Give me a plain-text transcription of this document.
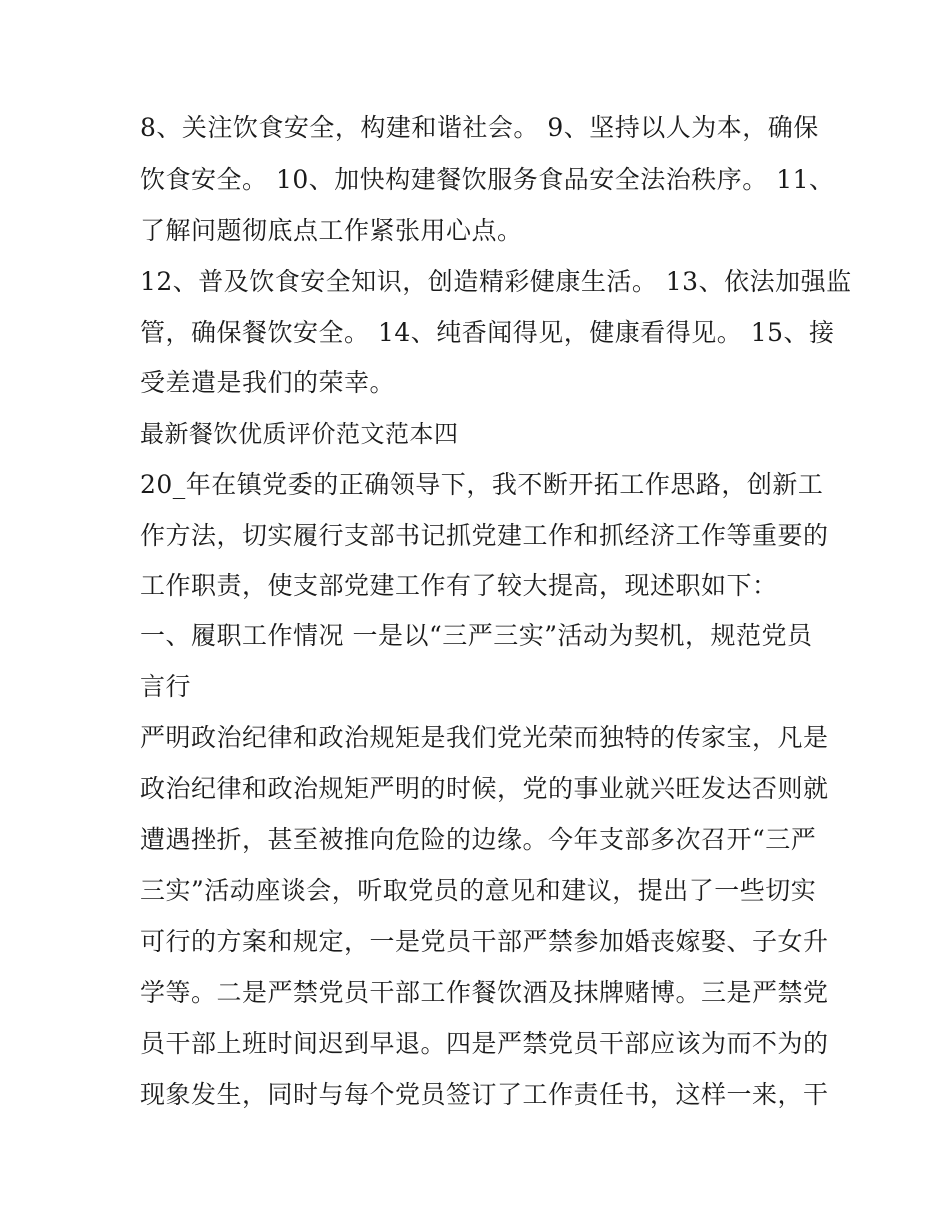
8、关注饮食安全，构建和谐社会。 9、坚持以人为本，确保
饮食安全。 10、加快构建餐饮服务食品安全法治秩序。 11、
了解问题彻底点工作紧张用心点。
12、普及饮食安全知识，创造精彩健康生活。 13、依法加强监
管，确保餐饮安全。 14、纯香闻得见，健康看得见。 15、接
受差遣是我们的荣幸。
最新餐饮优质评价范文范本四
20_年在镇党委的正确领导下，我不断开拓工作思路，创新工
作方法，切实履行支部书记抓党建工作和抓经济工作等重要的
工作职责，使支部党建工作有了较大提高，现述职如下：
一、履职工作情况 一是以“三严三实”活动为契机，规范党员
言行
严明政治纪律和政治规矩是我们党光荣而独特的传家宝，凡是
政治纪律和政治规矩严明的时候，党的事业就兴旺发达否则就
遭遇挫折，甚至被推向危险的边缘。今年支部多次召开“三严
三实”活动座谈会，听取党员的意见和建议，提出了一些切实
可行的方案和规定，一是党员干部严禁参加婚丧嫁娶、子女升
学等。二是严禁党员干部工作餐饮酒及抹牌赌博。三是严禁党
员干部上班时间迟到早退。四是严禁党员干部应该为而不为的
现象发生，同时与每个党员签订了工作责任书，这样一来，干
